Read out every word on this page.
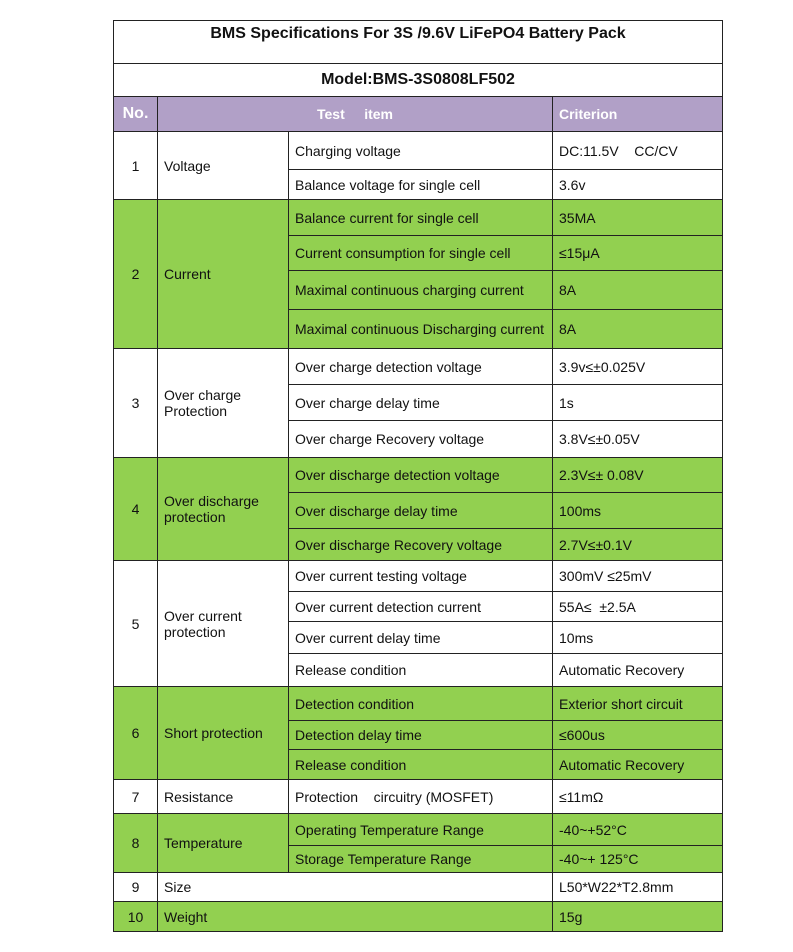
BMS Specifications For 3S /9.6V LiFePO4 Battery Pack			
Model:BMS-3S0808LF502			
No.	Test     item		Criterion
1	Voltage	Charging voltage	DC:11.5V    CC/CV
		Balance voltage for single cell	3.6v
2	Current	Balance current for single cell	35MA
		Current consumption for single cell	≤15μA
		Maximal continuous charging current	8A
		Maximal continuous Discharging current	8A
3	Over charge Protection	Over charge detection voltage	3.9v≤±0.025V
		Over charge delay time	1s
		Over charge Recovery voltage	3.8V≤±0.05V
4	Over discharge protection	Over discharge detection voltage	2.3V≤± 0.08V
		Over discharge delay time	100ms
		Over discharge Recovery voltage	2.7V≤±0.1V
5	Over current protection	Over current testing voltage	300mV ≤25mV
		Over current detection current	55A≤  ±2.5A
		Over current delay time	10ms
		Release condition	Automatic Recovery
6	Short protection	Detection condition	Exterior short circuit
		Detection delay time	≤600us
		Release condition	Automatic Recovery
7	Resistance	Protection    circuitry (MOSFET)	≤11mΩ
8	Temperature	Operating Temperature Range	-40~+52°C
		Storage Temperature Range	-40~+ 125°C
9	Size		L50*W22*T2.8mm
10	Weight		15g
